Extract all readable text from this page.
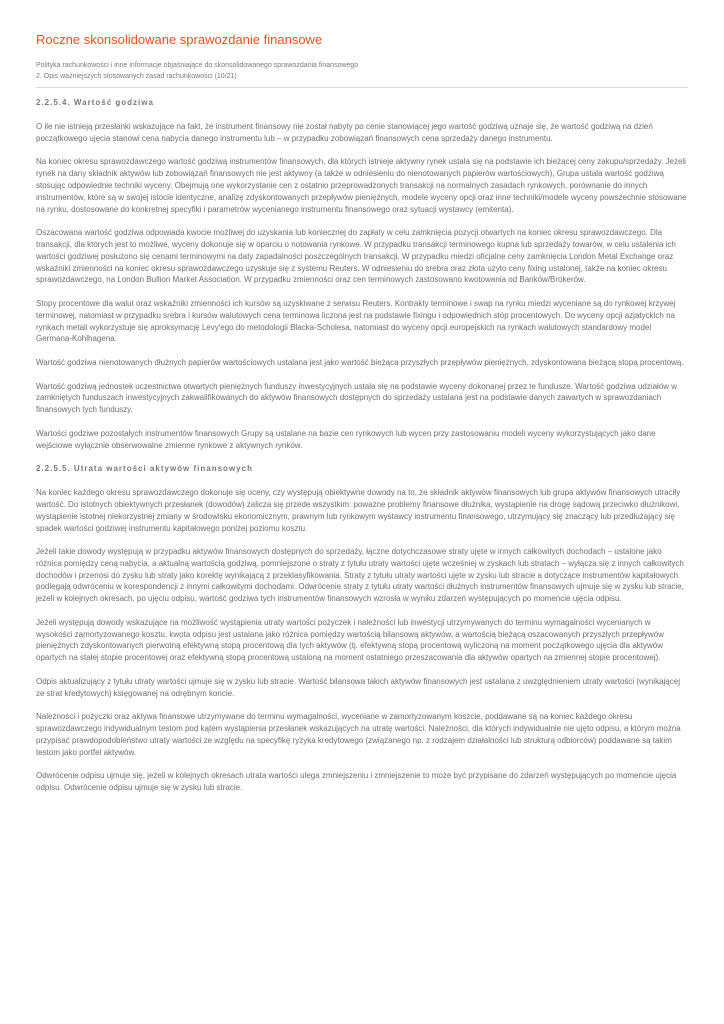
Roczne skonsolidowane sprawozdanie finansowe
Polityka rachunkowości i inne informacje objaśniające do skonsolidowanego sprawozdania finansowego
2. Opis ważniejszych stosowanych zasad rachunkowości (10/21)
2.2.5.4. Wartość godziwa

O ile nie istnieją przesłanki wskazujące na fakt, że instrument finansowy nie został nabyty po cenie stanowiącej jego wartość godziwą uznaje się, że wartość godziwą na dzień początkowego ujęcia stanowi cena nabycia danego instrumentu lub – w przypadku zobowiązań finansowych cena sprzedaży danego instrumentu.

Na koniec okresu sprawozdawczego wartość godziwą instrumentów finansowych, dla których istnieje aktywny rynek ustala się na podstawie ich bieżącej ceny zakupu/sprzedaży. Jeżeli rynek na dany składnik aktywów lub zobowiązań finansowych nie jest aktywny (a także w odniesieniu do nienotowanych papierów wartościowych), Grupa ustala wartość godziwą stosując odpowiednie techniki wyceny. Obejmują one wykorzystanie cen z ostatnio przeprowadzonych transakcji na normalnych zasadach rynkowych, porównanie do innych instrumentów, które są w swojej istocie identyczne, analizę zdyskontowanych przepływów pieniężnych, modele wyceny opcji oraz inne techniki/modele wyceny powszechnie stosowane na rynku, dostosowane do konkretnej specyfiki i parametrów wycenianego instrumentu finansowego oraz sytuacji wystawcy (emitenta).

Oszacowana wartość godziwa odpowiada kwocie możliwej do uzyskania lub koniecznej do zapłaty w celu zamknięcia pozycji otwartych na koniec okresu sprawozdawczego. Dla transakcji, dla których jest to możliwe, wyceny dokonuje się w oparciu o notowania rynkowe. W przypadku transakcji terminowego kupna lub sprzedaży towarów, w celu ustalenia ich wartości godziwej posłużono się cenami terminowymi na daty zapadalności poszczególnych transakcji. W przypadku miedzi oficjalne ceny zamknięcia London Metal Exchange oraz wskaźniki zmienności na koniec okresu sprawozdawczego uzyskuje się z systemu Reuters. W odniesieniu do srebra oraz złota użyto ceny fixing ustalonej, także na koniec okresu sprawozdawczego, na London Bullion Market Association. W przypadku zmienności oraz cen terminowych zastosowano kwotowania od Banków/Brokerów.

Stopy procentowe dla walut oraz wskaźniki zmienności ich kursów są uzyskiwane z serwisu Reuters. Kontrakty terminowe i swap na rynku miedzi wyceniane są do rynkowej krzywej terminowej, natomiast w przypadku srebra i kursów walutowych cena terminowa liczona jest na podstawie fixingu i odpowiednich stóp procentowych. Do wyceny opcji azjatyckich na rynkach metali wykorzystuje się aproksymację Levy'ego do metodologii Blacka-Scholesa, natomiast do wyceny opcji europejskich na rynkach walutowych standardowy model Germana-Kohlhagena.

Wartość godziwa nienotowanych dłużnych papierów wartościowych ustalana jest jako wartość bieżąca przyszłych przepływów pieniężnych, zdyskontowana bieżącą stopą procentową.

Wartość godziwą jednostek uczestnictwa otwartych pieniężnych funduszy inwestycyjnych ustala się na podstawie wyceny dokonanej przez te fundusze. Wartość godziwa udziałów w zamkniętych funduszach inwestycyjnych zakwalifikowanych do aktywów finansowych dostępnych do sprzedaży ustalana jest na podstawie danych zawartych w sprawozdaniach finansowych tych funduszy.

Wartości godziwe pozostałych instrumentów finansowych Grupy są ustalane na bazie cen rynkowych lub wycen przy zastosowaniu modeli wyceny wykorzystujących jako dane wejściowe wyłącznie obserwowalne zmienne rynkowe z aktywnych rynków.

2.2.5.5. Utrata wartości aktywów finansowych

Na koniec każdego okresu sprawozdawczego dokonuje się oceny, czy występują obiektywne dowody na to, że składnik aktywów finansowych lub grupa aktywów finansowych utraciły wartość. Do istotnych obiektywnych przesłanek (dowodów) zalicza się przede wszystkim: poważne problemy finansowe dłużnika, wystąpienie na drogę sądową przeciwko dłużnikowi, wystąpienie istotnej niekorzystnej zmiany w środowisku ekonomicznym, prawnym lub rynkowym wystawcy instrumentu finansowego, utrzymujący się znaczący lub przedłużający się spadek wartości godziwej instrumentu kapitałowego poniżej poziomu kosztu.

Jeżeli takie dowody występują w przypadku aktywów finansowych dostępnych do sprzedaży, łączne dotychczasowe straty ujęte w innych całkowitych dochodach – ustalone jako różnica pomiędzy ceną nabycia, a aktualną wartością godziwą, pomniejszone o straty z tytułu utraty wartości ujęte wcześniej w zyskach lub stratach – wyłącza się z innych całkowitych dochodów i przenosi do zysku lub straty jako korektę wynikającą z przeklasyfikowania. Straty z tytułu utraty wartości ujęte w zysku lub stracie a dotyczące instrumentów kapitałowych podlegają odwróceniu w korespondencji z innymi całkowitymi dochodami. Odwrócenie straty z tytułu utraty wartości dłużnych instrumentów finansowych ujmuje się w zysku lub stracie, jeżeli w kolejnych okresach, po ujęciu odpisu, wartość godziwa tych instrumentów finansowych wzrosła w wyniku zdarzeń występujących po momencie ujęcia odpisu.

Jeżeli występują dowody wskazujące na możliwość wystąpienia utraty wartości pożyczek i należności lub inwestycji utrzymywanych do terminu wymagalności wycenianych w wysokości zamortyzowanego kosztu, kwota odpisu jest ustalana jako różnica pomiędzy wartością bilansową aktywów, a wartością bieżącą oszacowanych przyszłych przepływów pieniężnych zdyskontowanych pierwotną efektywną stopą procentową dla tych aktywów (tj. efektywną stopą procentową wyliczoną na moment początkowego ujęcia dla aktywów opartych na stałej stopie procentowej oraz efektywną stopą procentową ustaloną na moment ostatniego przeszacowania dla aktywów opartych na zmiennej stopie procentowej).

Odpis aktualizujący z tytułu utraty wartości ujmuje się w zysku lub stracie. Wartość bilansowa takich aktywów finansowych jest ustalana z uwzględnieniem utraty wartości (wynikającej ze strat kredytowych) księgowanej na odrębnym koncie.

Należności i pożyczki oraz aktywa finansowe utrzymywane do terminu wymagalności, wyceniane w zamortyzowanym koszcie, poddawane są na koniec każdego okresu sprawozdawczego indywidualnym testom pod kątem wystąpienia przesłanek wskazujących na utratę wartości. Należności, dla których indywidualnie nie ujęto odpisu, a którym można przypisać prawdopodobieństwo utraty wartości ze względu na specyfikę ryzyka kredytowego (związanego np. z rodzajem działalności lub strukturą odbiorców) poddawane są takim testom jako portfel aktywów.

Odwrócenie odpisu ujmuje się, jeżeli w kolejnych okresach utrata wartości ulega zmniejszeniu i zmniejszenie to może być przypisane do zdarzeń występujących po momencie ujęcia odpisu. Odwrócenie odpisu ujmuje się w zysku lub stracie.
